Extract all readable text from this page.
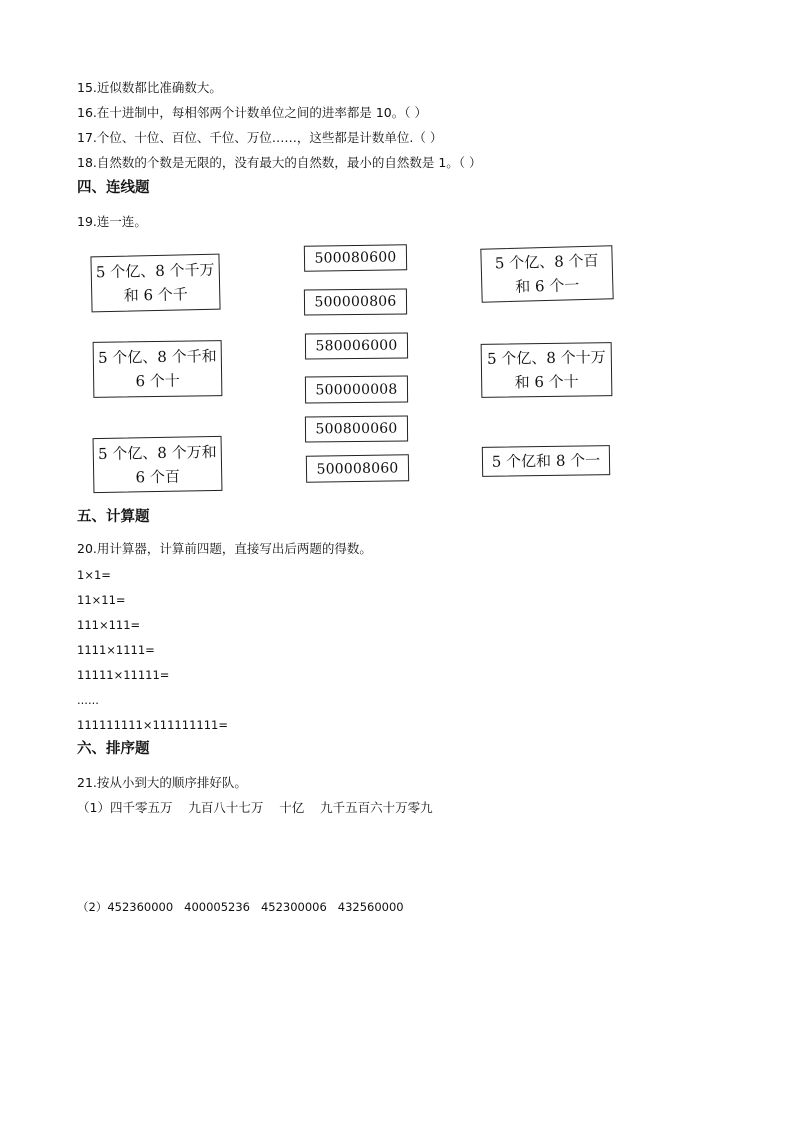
15.近似数都比准确数大。
16.在十进制中，每相邻两个计数单位之间的进率都是 10。（ ）
17.个位、十位、百位、千位、万位……，这些都是计数单位.（ ）
18.自然数的个数是无限的，没有最大的自然数，最小的自然数是 1。（ ）
四、连线题
19.连一连。
5 个亿、8 个千万
和 6 个千
5 个亿、8 个千和
6 个十
5 个亿、8 个万和
6 个百
500080600
500000806
580006000
500000008
500800060
500008060
5 个亿、8 个百
和 6 个一
5 个亿、8 个十万
和 6 个十
5 个亿和 8 个一
五、计算题
20.用计算器，计算前四题，直接写出后两题的得数。
1×1=
11×11=
111×111=
1111×1111=
11111×11111=
......
111111111×111111111=
六、排序题
21.按从小到大的顺序排好队。
（1）四千零五万    九百八十七万    十亿    九千五百六十万零九
（2）452360000   400005236   452300006   432560000
